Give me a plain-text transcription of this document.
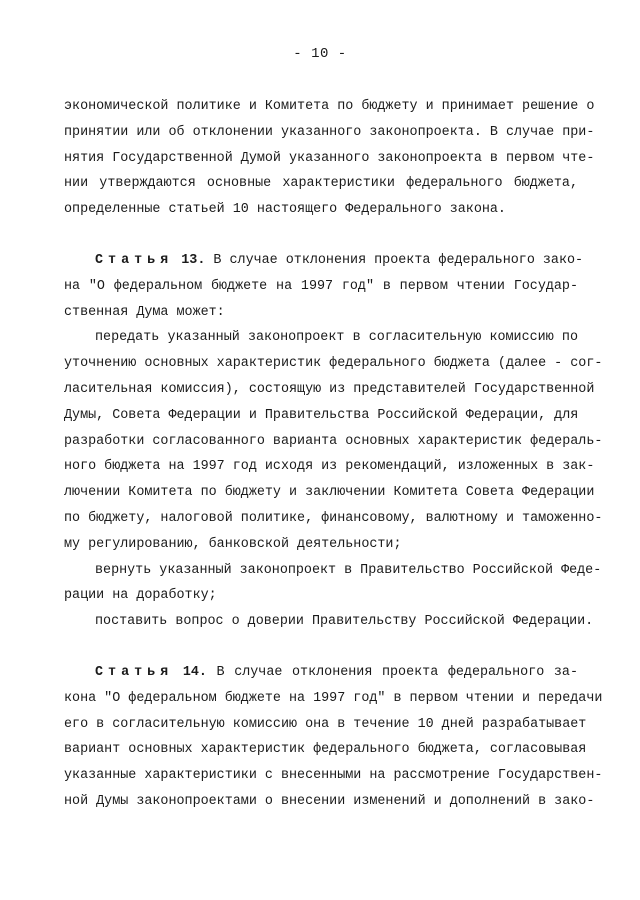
- 10 -
экономической политике и Комитета по бюджету и принимает решение о
принятии или об отклонении указанного законопроекта. В случае при-
нятия Государственной Думой указанного законопроекта в первом чте-
нии утверждаются основные характеристики федерального бюджета,
определенные статьей 10 настоящего Федерального закона.
Статья 13. В случае отклонения проекта федерального зако-
на "О федеральном бюджете на 1997 год" в первом чтении Государ-
ственная Дума может:
передать указанный законопроект в согласительную комиссию по
уточнению основных характеристик федерального бюджета (далее - сог-
ласительная комиссия), состоящую из представителей Государственной
Думы, Совета Федерации и Правительства Российской Федерации, для
разработки согласованного варианта основных характеристик федераль-
ного бюджета на 1997 год исходя из рекомендаций, изложенных в зак-
лючении Комитета по бюджету и заключении Комитета Совета Федерации
по бюджету, налоговой политике, финансовому, валютному и таможенно-
му регулированию, банковской деятельности;
вернуть указанный законопроект в Правительство Российской Феде-
рации на доработку;
поставить вопрос о доверии Правительству Российской Федерации.
Статья 14. В случае отклонения проекта федерального за-
кона "О федеральном бюджете на 1997 год" в первом чтении и передачи
его в согласительную комиссию она в течение 10 дней разрабатывает
вариант основных характеристик федерального бюджета, согласовывая
указанные характеристики с внесенными на рассмотрение Государствен-
ной Думы законопроектами о внесении изменений и дополнений в зако-
